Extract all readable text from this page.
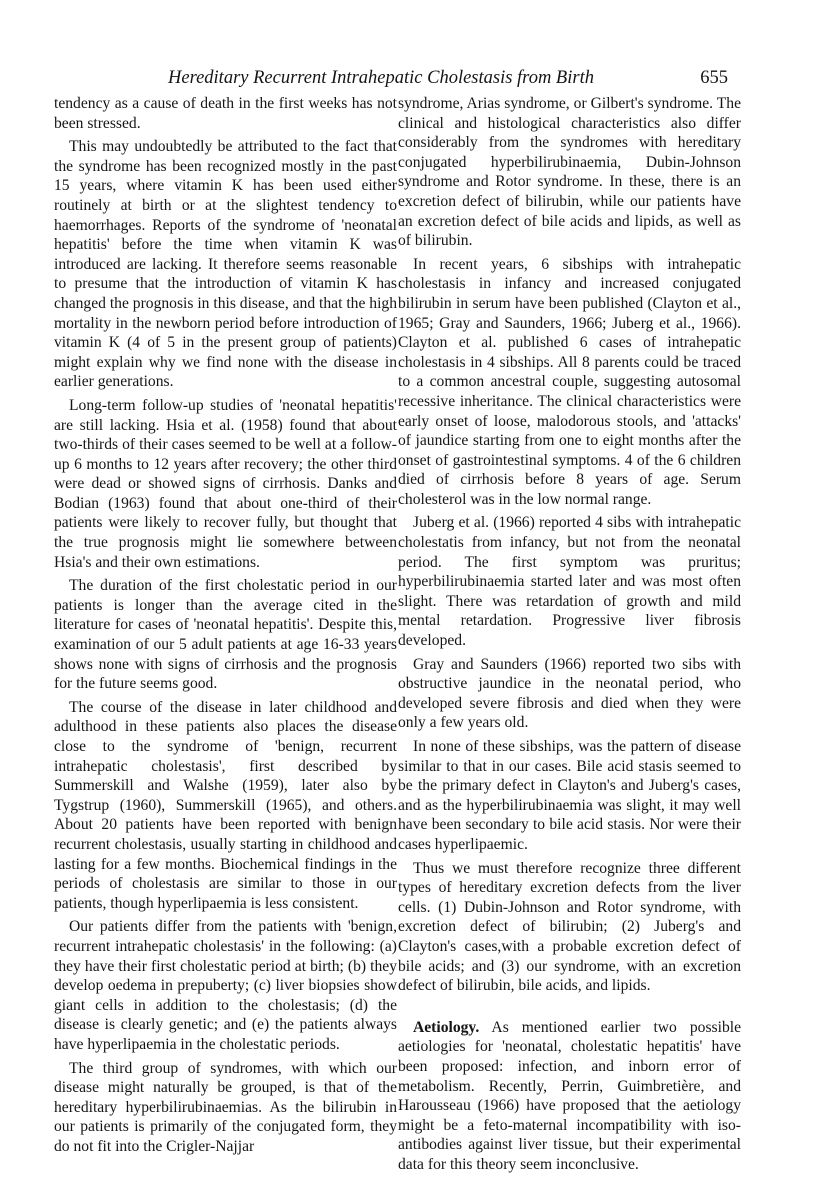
Hereditary Recurrent Intrahepatic Cholestasis from Birth	655

tendency as a cause of death in the first weeks has not been stressed.

This may undoubtedly be attributed to the fact that the syndrome has been recognized mostly in the past 15 years, where vitamin K has been used either routinely at birth or at the slightest tendency to haemorrhages. Reports of the syndrome of 'neonatal hepatitis' before the time when vitamin K was introduced are lacking. It therefore seems reasonable to presume that the introduction of vitamin K has changed the prognosis in this disease, and that the high mortality in the newborn period before introduction of vitamin K (4 of 5 in the present group of patients) might explain why we find none with the disease in earlier generations.

Long-term follow-up studies of 'neonatal hepatitis' are still lacking. Hsia et al. (1958) found that about two-thirds of their cases seemed to be well at a follow-up 6 months to 12 years after recovery; the other third were dead or showed signs of cirrhosis. Danks and Bodian (1963) found that about one-third of their patients were likely to recover fully, but thought that the true prognosis might lie somewhere between Hsia's and their own estimations.

The duration of the first cholestatic period in our patients is longer than the average cited in the literature for cases of 'neonatal hepatitis'. Despite this, examination of our 5 adult patients at age 16-33 years shows none with signs of cirrhosis and the prognosis for the future seems good.

The course of the disease in later childhood and adulthood in these patients also places the disease close to the syndrome of 'benign, recurrent intrahepatic cholestasis', first described by Summerskill and Walshe (1959), later also by Tygstrup (1960), Summerskill (1965), and others. About 20 patients have been reported with benign recurrent cholestasis, usually starting in childhood and lasting for a few months. Biochemical findings in the periods of cholestasis are similar to those in our patients, though hyperlipaemia is less consistent.

Our patients differ from the patients with 'benign, recurrent intrahepatic cholestasis' in the following: (a) they have their first cholestatic period at birth; (b) they develop oedema in prepuberty; (c) liver biopsies show giant cells in addition to the cholestasis; (d) the disease is clearly genetic; and (e) the patients always have hyperlipaemia in the cholestatic periods.

The third group of syndromes, with which our disease might naturally be grouped, is that of the hereditary hyperbilirubinaemias. As the bilirubin in our patients is primarily of the conjugated form, they do not fit into the Crigler-Najjar

syndrome, Arias syndrome, or Gilbert's syndrome. The clinical and histological characteristics also differ considerably from the syndromes with hereditary conjugated hyperbilirubinaemia, Dubin-Johnson syndrome and Rotor syndrome. In these, there is an excretion defect of bilirubin, while our patients have an excretion defect of bile acids and lipids, as well as of bilirubin.

In recent years, 6 sibships with intrahepatic cholestasis in infancy and increased conjugated bilirubin in serum have been published (Clayton et al., 1965; Gray and Saunders, 1966; Juberg et al., 1966). Clayton et al. published 6 cases of intrahepatic cholestasis in 4 sibships. All 8 parents could be traced to a common ancestral couple, suggesting autosomal recessive inheritance. The clinical characteristics were early onset of loose, malodorous stools, and 'attacks' of jaundice starting from one to eight months after the onset of gastrointestinal symptoms. 4 of the 6 children died of cirrhosis before 8 years of age. Serum cholesterol was in the low normal range.

Juberg et al. (1966) reported 4 sibs with intrahepatic cholestatis from infancy, but not from the neonatal period. The first symptom was pruritus; hyperbilirubinaemia started later and was most often slight. There was retardation of growth and mild mental retardation. Progressive liver fibrosis developed.

Gray and Saunders (1966) reported two sibs with obstructive jaundice in the neonatal period, who developed severe fibrosis and died when they were only a few years old.

In none of these sibships, was the pattern of disease similar to that in our cases. Bile acid stasis seemed to be the primary defect in Clayton's and Juberg's cases, and as the hyperbilirubinaemia was slight, it may well have been secondary to bile acid stasis. Nor were their cases hyperlipaemic.

Thus we must therefore recognize three different types of hereditary excretion defects from the liver cells. (1) Dubin-Johnson and Rotor syndrome, with excretion defect of bilirubin; (2) Juberg's and Clayton's cases,with a probable excretion defect of bile acids; and (3) our syndrome, with an excretion defect of bilirubin, bile acids, and lipids.

Aetiology. As mentioned earlier two possible aetiologies for 'neonatal, cholestatic hepatitis' have been proposed: infection, and inborn error of metabolism. Recently, Perrin, Guimbretière, and Harousseau (1966) have proposed that the aetiology might be a feto-maternal incompatibility with iso-antibodies against liver tissue, but their experimental data for this theory seem inconclusive.
